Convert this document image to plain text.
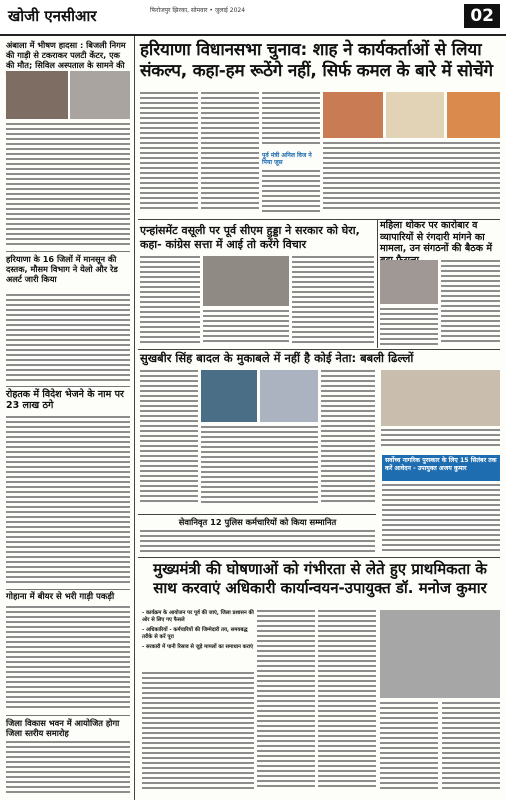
खोजी एनसीआर	फिरोजपुर झिरका, सोमवार • जुलाई 2024	02
अंबाला में भीषण हादसा : बिजली निगम की गाड़ी से टकराकर पलटी केंटर, एक की मौत; सिविल अस्पताल के सामने की
हरियाणा के 16 जिलों में मानसून की दस्तक, मौसम विभाग ने येलो और रेड अलर्ट जारी किया
रोहतक में विदेश भेजने के नाम पर 23 लाख ठगे
गोहाना में बीयर से भरी गाड़ी पकड़ी
जिला विकास भवन में आयोजित होगा जिला स्तरीय समारोह
हरियाणा विधानसभा चुनाव: शाह ने कार्यकर्ताओं से लिया संकल्प, कहा-हम रूठेंगे नहीं, सिर्फ कमल के बारे में सोचेंगे
पूर्व मंत्री अनिल विज ने पिया जूस
एन्हांसमेंट वसूली पर पूर्व सीएम हुड्डा ने सरकार को घेरा, कहा- कांग्रेस सत्ता में आई तो करेंगे विचार
महिला थोकर पर कारोबार व व्यापारियों से रंगदारी मांगने का मामला, उन संगठनों की बैठक में
सुखबीर सिंह बादल के मुकाबले में नहीं है कोई नेता: बबली ढिल्लों
सर्वोच्च नागरिक पुरस्कार के लिए 15 सितंबर तक करें आवेदन - उपायुक्त अजय कुमार
सेवानिवृत 12 पुलिस कर्मचारियों को किया सम्मानित
मुख्यमंत्री की घोषणाओं को गंभीरता से लेते हुए प्राथमिकता के साथ करवाएं अधिकारी कार्यान्वयन-उपायुक्त डॉ. मनोज कुमार
- कार्यक्रम के आयोजन पर पूर्व की जाएं, जिला प्रशासन की ओर से लिए गए फैसले
- अधिकारियों - कर्मचारियों की जिम्मेदारी तय, समयबद्ध तरीके से करें पूरा
- सरकारी में पानी रिसाव से जुड़े मामलों का समाधान कराएं
